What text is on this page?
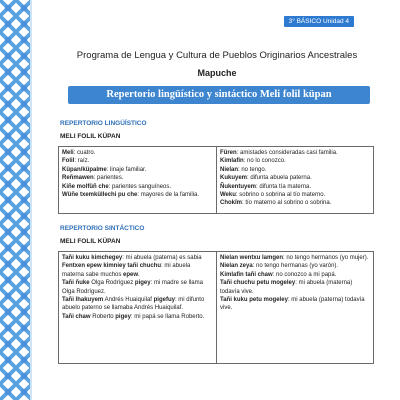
3° BÁSICO Unidad 4
Programa de Lengua y Cultura de Pueblos Originarios Ancestrales
Mapuche
Repertorio lingüístico y sintáctico Meli folil küpan
REPERTORIO LINGÜÍSTICO
MELI FOLIL KÜPAN

Meli: cuatro.

Folil: raíz.

Küpan/küpalme: linaje familiar.

Reñmawen: parientes.

Kiñe molfüñ che: parientes sanguíneos.

Wüñe txemküllechi pu che: mayores de la familia.

Füren: amistades consideradas casi familia.

Kimlafin: no lo conozco.

Nielan: no tengo.

Kukuyem: difunta abuela paterna.

Ñukentuyem: difunta tía materna.

Weku: sobrino o sobrina al tío materno.

Chokïm: tío materno al sobrino o sobrina.

REPERTORIO SINTÁCTICO
MELI FOLIL KÜPAN

Tañi kuku kimchegey: mi abuela (paterna) es sabia

Fentxen epew kimniey tañi chuchu: mi abuela materna sabe muchos epew.

Tañi ñuke Olga Rodríguez pigey: mi madre se llama Olga Rodríguez.

Tañi lhakuyem Andrés Huaiquilaf pigefuy: mi difunto abuelo paterno se llamaba Andrés Huaiquilaf.

Tañi chaw Roberto pigey: mi papá se llama Roberto.

Nielan wentxu lamgen: no tengo hermanos (yo mujer).

Nielan zeya: no tengo hermanas (yo varón).

Kimlafin tañi chaw: no conozco a mi papá.

Tañi chuchu petu mogeley: mi abuela (materna) todavía vive.

Tañi kuku petu mogeley: mi abuela (paterna) todavía vive.
